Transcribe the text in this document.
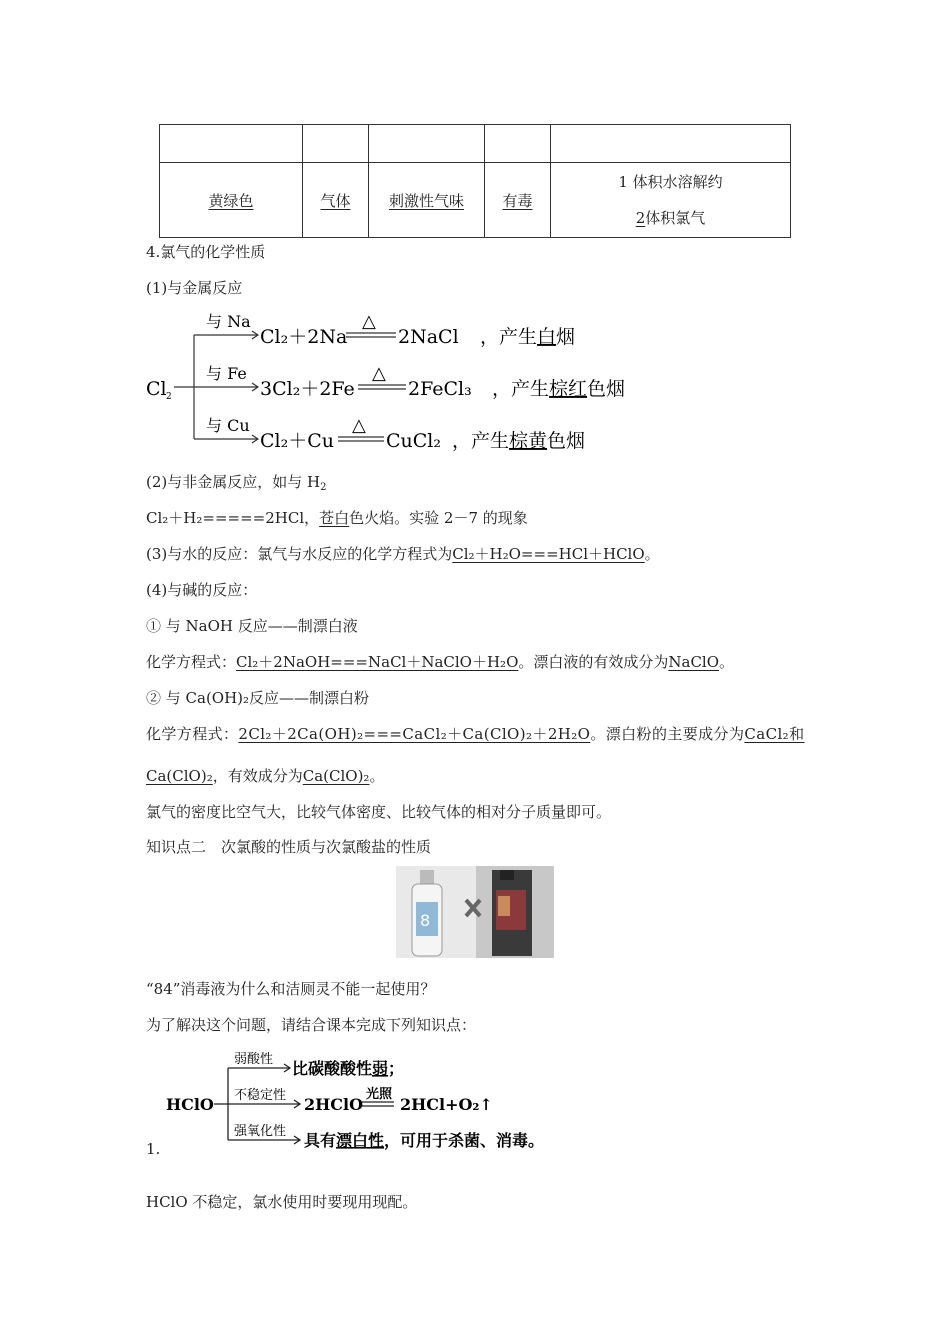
黄绿色	气体	刺激性气味	有毒	1 体积水溶解约
2体积氯气
4.氯气的化学性质
(1)与金属反应
Cl 2
与 Na
Cl₂＋2Na
△
2NaCl ，产生白烟
与 Fe
3Cl₂＋2Fe
△
2FeCl₃ ，产生棕红色烟
与 Cu
Cl₂＋Cu
△
CuCl₂ ，产生棕黄色烟
(2)与非金属反应，如与 $H_2$
Cl₂＋H₂=====2HCl，苍白色火焰。实验 2－7 的现象
(3)与水的反应：氯气与水反应的化学方程式为Cl₂＋H₂O===HCl＋HClO。
(4)与碱的反应：
① 与 NaOH 反应——制漂白液
化学方程式：Cl₂＋2NaOH===NaCl＋NaClO＋H₂O。漂白液的有效成分为NaClO。
② 与 Ca(OH)₂反应——制漂白粉
化学方程式：2Cl₂＋2Ca(OH)₂===CaCl₂＋Ca(ClO)₂＋2H₂O。漂白粉的主要成分为CaCl₂和
Ca(ClO)₂，有效成分为Ca(ClO)₂。
氯气的密度比空气大，比较气体密度、比较气体的相对分子质量即可。
知识点二　次氯酸的性质与次氯酸盐的性质
8
“84”消毒液为什么和洁厕灵不能一起使用？
为了解决这个问题，请结合课本完成下列知识点：
HClO
弱酸性 比碳酸酸性弱；
不稳定性 2HClO
光照
2HCl+O₂↑
强氧化性 具有漂白性，可用于杀菌、消毒。
1.
HClO 不稳定，氯水使用时要现用现配。
